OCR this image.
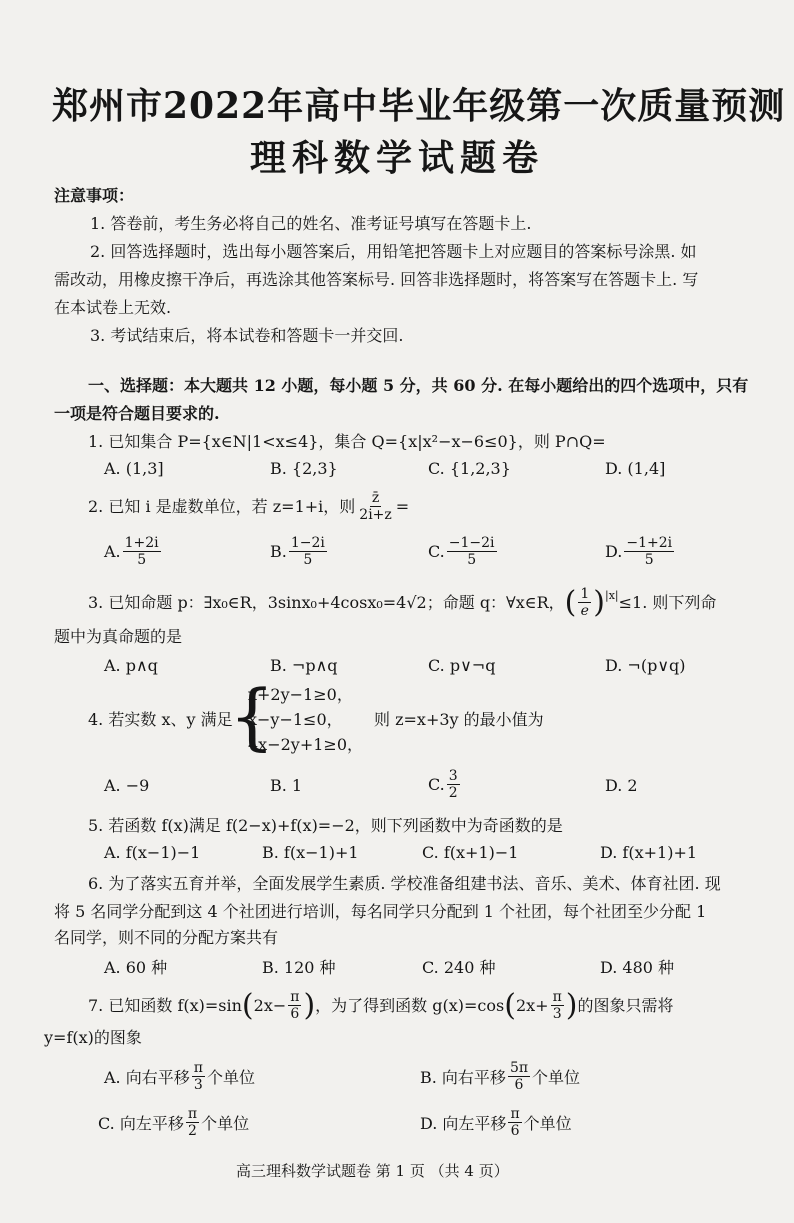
郑州市2022年高中毕业年级第一次质量预测
理科数学试题卷
注意事项：
1. 答卷前，考生务必将自己的姓名、准考证号填写在答题卡上.
2. 回答选择题时，选出每小题答案后，用铅笔把答题卡上对应题目的答案标号涂黑. 如
需改动，用橡皮擦干净后，再选涂其他答案标号. 回答非选择题时，将答案写在答题卡上. 写
在本试卷上无效.
3. 考试结束后，将本试卷和答题卡一并交回.
一、选择题：本大题共 12 小题，每小题 5 分，共 60 分. 在每小题给出的四个选项中，只有
一项是符合题目要求的.
1. 已知集合 P={x∈N|1<x≤4}，集合 Q={x|x²−x−6≤0}，则 P∩Q=
A. (1,3]	B. {2,3}	C. {1,2,3}	D. (1,4]
2. 已知 i 是虚数单位，若 z=1+i，则 $\frac{z̄}{2i+z}$ =
A. $\frac{1+2i}{5}$	B. $\frac{1-2i}{5}$	C. $\frac{-1-2i}{5}$	D. $\frac{-1+2i}{5}$
3. 已知命题 p：∃x₀∈R，3sinx₀+4cosx₀=4√2；命题 q：∀x∈R， ( $\frac{1}{e} )^{|x|} \le 1$. 则下列命
题中为真命题的是
A. p∧q	B. ¬p∧q	C. p∨¬q	D. ¬(p∨q)
4. 若实数 x、y 满足
{
x+2y−1≥0，
x−y−1≤0，
4x−2y+1≥0，
则 z=x+3y 的最小值为
A. −9	B. 1	C. $\frac{3}{2}$	D. 2
5. 若函数 f(x)满足 f(2−x)+f(x)=−2，则下列函数中为奇函数的是
A. f(x−1)−1	B. f(x−1)+1	C. f(x+1)−1	D. f(x+1)+1
6. 为了落实五育并举，全面发展学生素质. 学校准备组建书法、音乐、美术、体育社团. 现
将 5 名同学分配到这 4 个社团进行培训，每名同学只分配到 1 个社团，每个社团至少分配 1
名同学，则不同的分配方案共有
A. 60 种	B. 120 种	C. 240 种	D. 480 种
7. 已知函数 f(x)=sin ( $2x- \frac{\pi}{6}$ ) ，为了得到函数 g(x)=cos ( $2x+ \frac{\pi}{3}$ ) 的图象只需将
y=f(x)的图象
A. 向右平移 $\frac{\pi}{3}$ 个单位	B. 向右平移 $\frac{5\pi}{6}$ 个单位
C. 向左平移 $\frac{\pi}{2}$ 个单位	D. 向左平移 $\frac{\pi}{6}$ 个单位
高三理科数学试题卷 第 1 页 （共 4 页）
